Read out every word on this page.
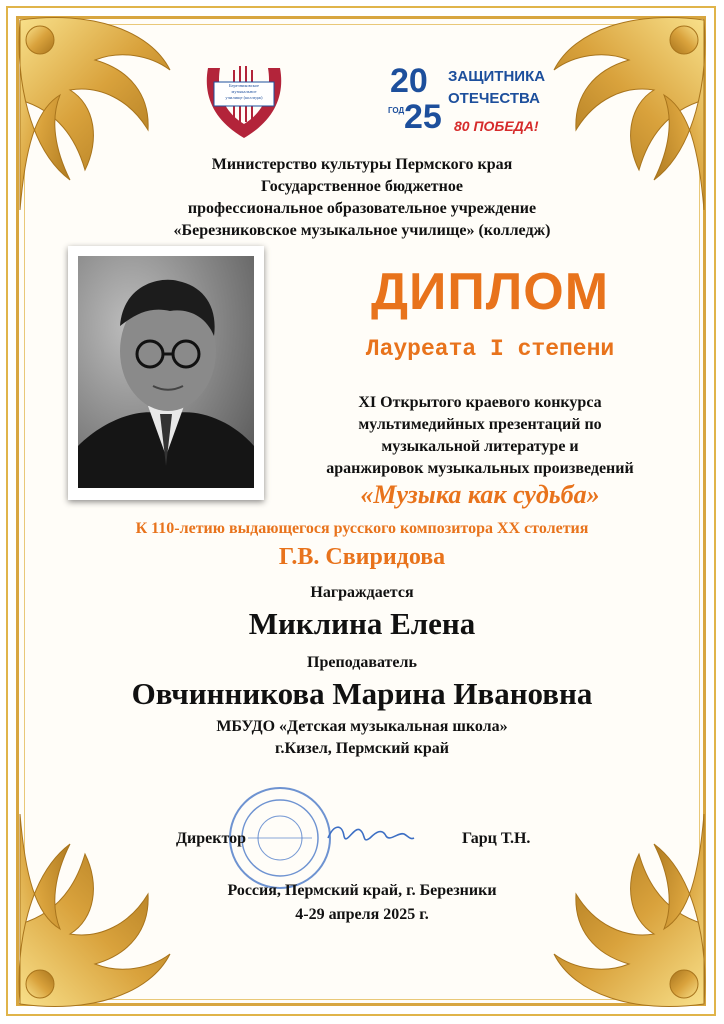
Березниковское
музыкальное
училище (колледж)	20
ГОД 25
ЗАЩИТНИКА
ОТЕЧЕСТВА
80 ПОБЕДА!
Министерство культуры Пермского края
Государственное бюджетное
профессиональное образовательное учреждение
«Березниковское музыкальное училище» (колледж)
ДИПЛОМ
Лауреата I степени
XI Открытого краевого конкурса
мультимедийных презентаций по
музыкальной литературе и
аранжировок музыкальных произведений
«Музыка как судьба»
К 110-летию выдающегося русского композитора XX столетия
Г.В. Свиридова
Награждается
Миклина Елена
Преподаватель
Овчинникова Марина Ивановна
МБУДО «Детская музыкальная школа»
г.Кизел, Пермский край
Директор	Гарц Т.Н.
Россия, Пермский край, г. Березники
4-29 апреля 2025 г.
